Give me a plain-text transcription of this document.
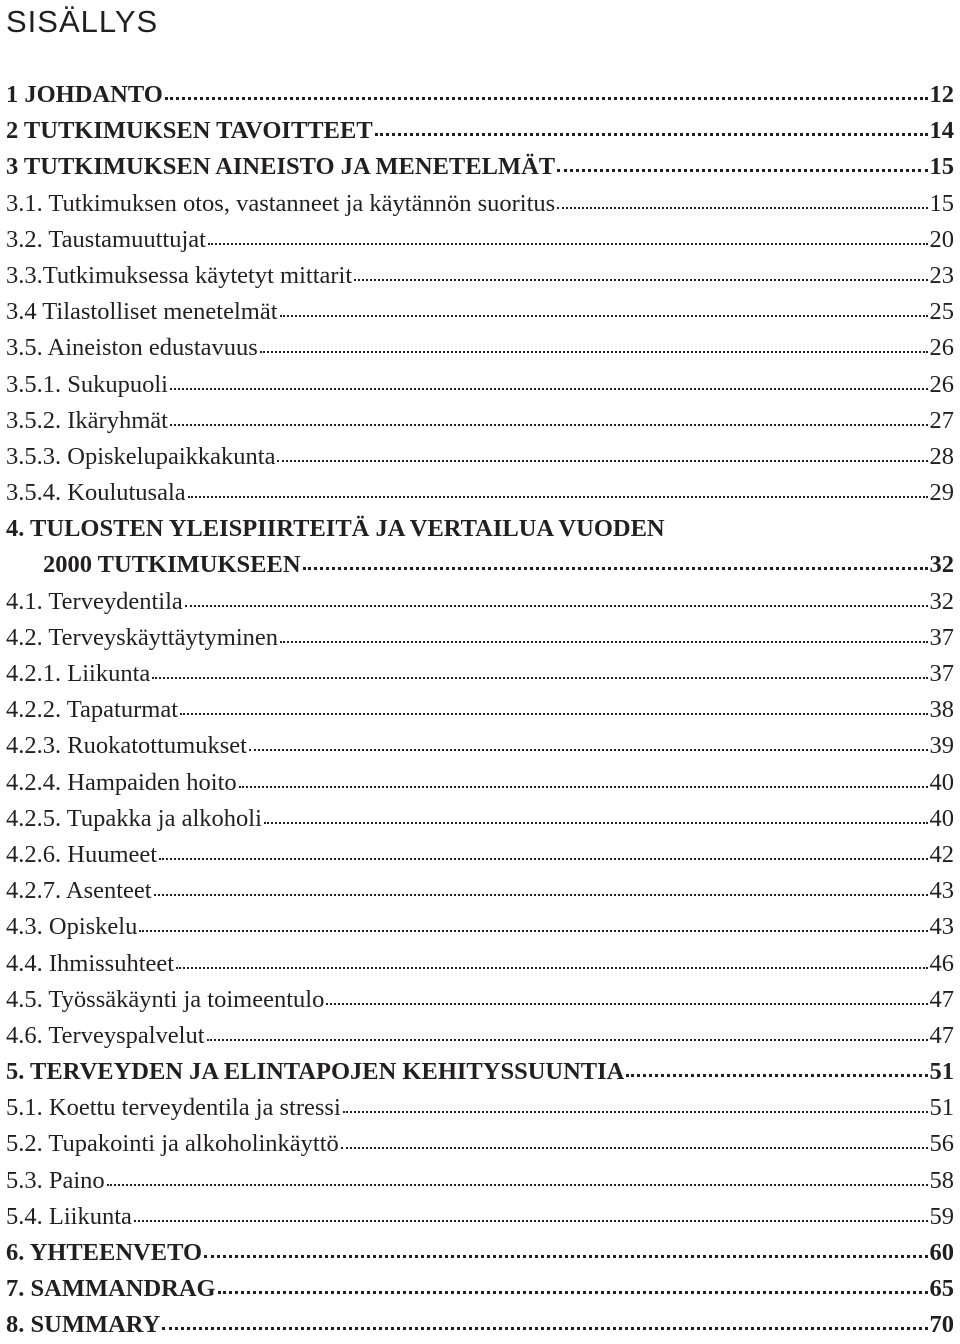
SISÄLLYS
1 JOHDANTO	12
2 TUTKIMUKSEN TAVOITTEET	14
3 TUTKIMUKSEN AINEISTO JA MENETELMÄT	15
3.1. Tutkimuksen otos, vastanneet ja käytännön suoritus	15
3.2. Taustamuuttujat	20
3.3.Tutkimuksessa käytetyt mittarit	23
3.4 Tilastolliset menetelmät	25
3.5. Aineiston edustavuus	26
3.5.1. Sukupuoli	26
3.5.2. Ikäryhmät	27
3.5.3. Opiskelupaikkakunta	28
3.5.4. Koulutusala	29
4. TULOSTEN YLEISPIIRTEITÄ JA VERTAILUA VUODEN
2000 TUTKIMUKSEEN	32
4.1. Terveydentila	32
4.2. Terveyskäyttäytyminen	37
4.2.1. Liikunta	37
4.2.2. Tapaturmat	38
4.2.3. Ruokatottumukset	39
4.2.4. Hampaiden hoito	40
4.2.5. Tupakka ja alkoholi	40
4.2.6. Huumeet	42
4.2.7. Asenteet	43
4.3. Opiskelu	43
4.4. Ihmissuhteet	46
4.5. Työssäkäynti ja toimeentulo	47
4.6. Terveyspalvelut	47
5. TERVEYDEN JA ELINTAPOJEN KEHITYSSUUNTIA	51
5.1. Koettu terveydentila ja stressi	51
5.2. Tupakointi ja alkoholinkäyttö	56
5.3. Paino	58
5.4. Liikunta	59
6. YHTEENVETO	60
7. SAMMANDRAG	65
8. SUMMARY	70
